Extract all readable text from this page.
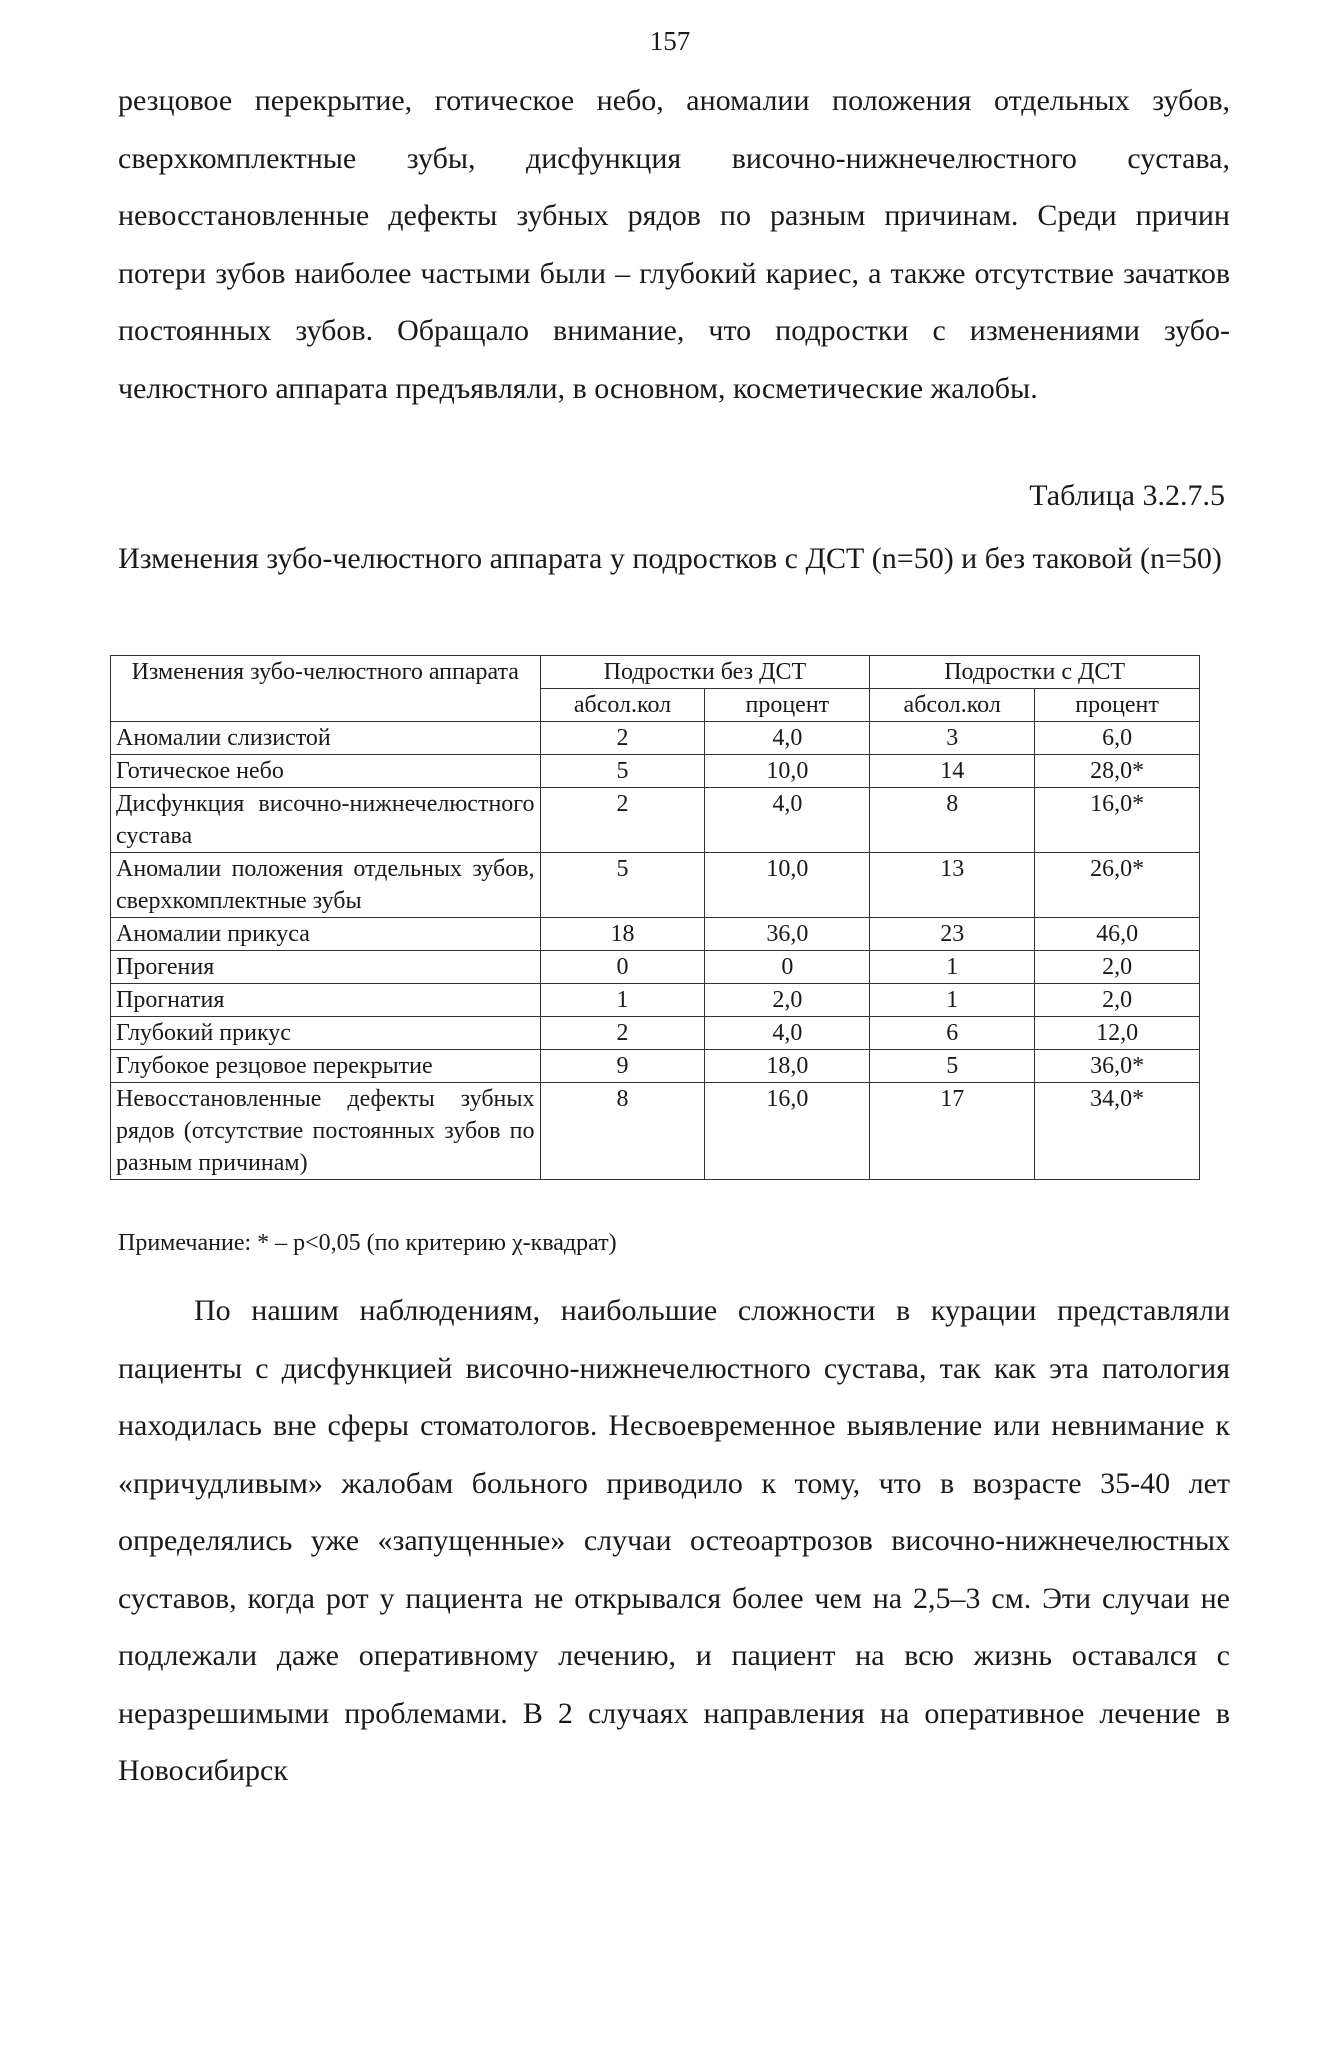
157

резцовое перекрытие, готическое небо, аномалии положения отдельных зубов, сверхкомплектные зубы, дисфункция височно-нижнечелюстного сустава, невосстановленные дефекты зубных рядов по разным причинам. Среди причин потери зубов наиболее частыми были – глубокий кариес, а также отсутствие зачатков постоянных зубов. Обращало внимание, что подростки с изменениями зубо-челюстного аппарата предъявляли, в основном, косметические жалобы.

Таблица 3.2.7.5

Изменения зубо-челюстного аппарата у подростков с ДСТ (n=50) и без таковой (n=50)

Изменения зубо-челюстного аппарата	Подростки без ДСТ		Подростки с ДСТ	
	абсол.кол	процент	абсол.кол	процент
Аномалии слизистой	2	4,0	3	6,0
Готическое небо	5	10,0	14	28,0*
Дисфункция височно-нижнечелюстного сустава	2	4,0	8	16,0*
Аномалии положения отдельных зубов, сверхкомплектные зубы	5	10,0	13	26,0*
Аномалии прикуса	18	36,0	23	46,0
Прогения	0	0	1	2,0
Прогнатия	1	2,0	1	2,0
Глубокий прикус	2	4,0	6	12,0
Глубокое резцовое перекрытие	9	18,0	5	36,0*
Невосстановленные дефекты зубных рядов (отсутствие постоянных зубов по разным причинам)	8	16,0	17	34,0*
Примечание: * – p<0,05 (по критерию χ-квадрат)

По нашим наблюдениям, наибольшие сложности в курации представляли пациенты с дисфункцией височно-нижнечелюстного сустава, так как эта патология находилась вне сферы стоматологов. Несвоевременное выявление или невнимание к «причудливым» жалобам больного приводило к тому, что в возрасте 35-40 лет определялись уже «запущенные» случаи остеоартрозов височно-нижнечелюстных суставов, когда рот у пациента не открывался более чем на 2,5–3 см. Эти случаи не подлежали даже оперативному лечению, и пациент на всю жизнь оставался с неразрешимыми проблемами. В 2 случаях направления на оперативное лечение в Новосибирск
